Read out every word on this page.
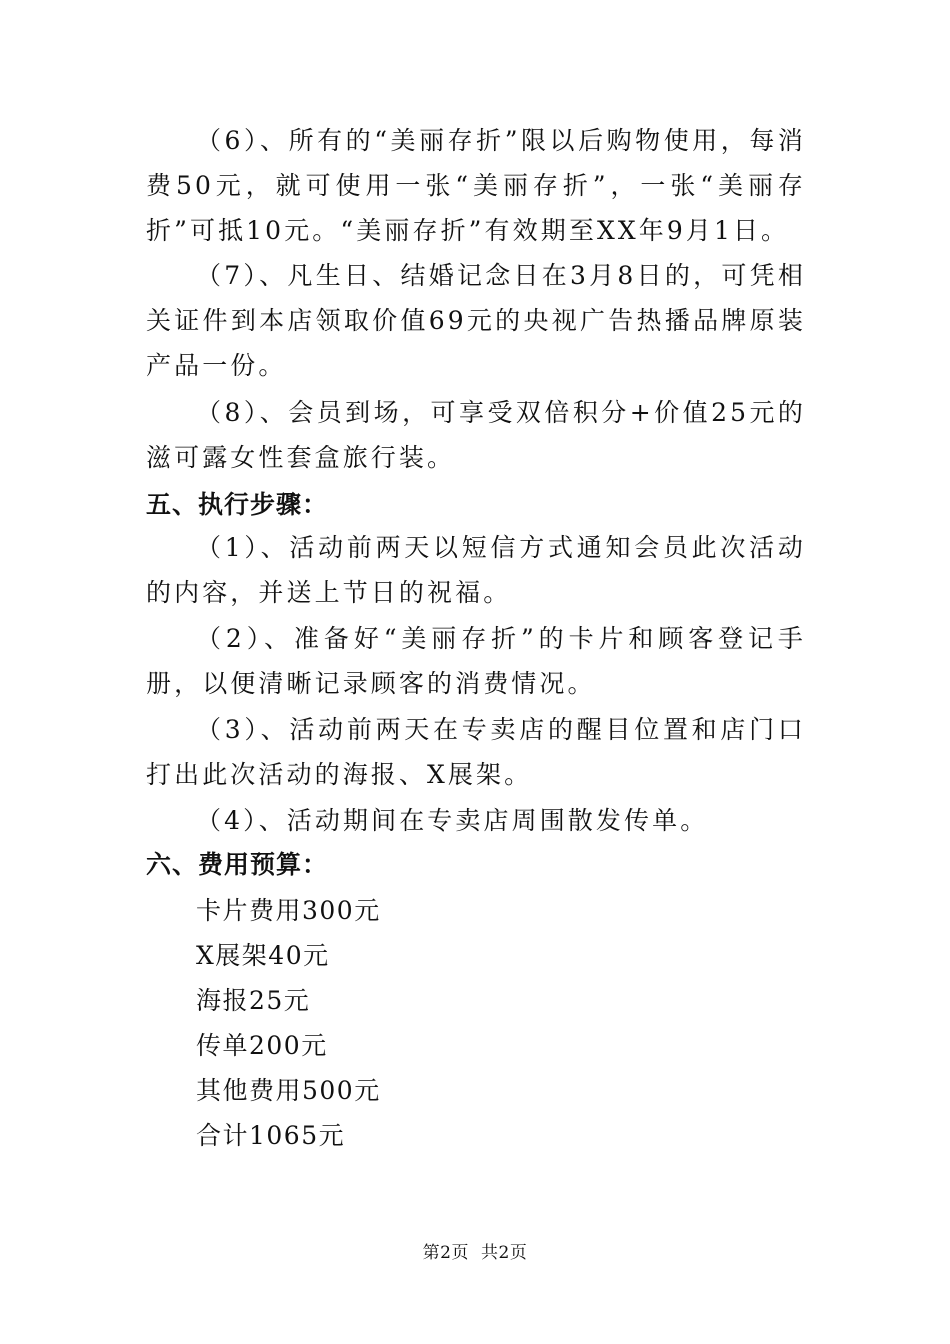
（6）、所有的“美丽存折”限以后购物使用，每消费50元，就可使用一张“美丽存折”，一张“美丽存折”可抵10元。“美丽存折”有效期至XX年9月1日。

（7）、凡生日、结婚记念日在3月8日的，可凭相关证件到本店领取价值69元的央视广告热播品牌原装产品一份。

（8）、会员到场，可享受双倍积分+价值25元的滋可露女性套盒旅行装。

五、执行步骤：

（1）、活动前两天以短信方式通知会员此次活动的内容，并送上节日的祝福。

（2）、准备好“美丽存折”的卡片和顾客登记手册，以便清晰记录顾客的消费情况。

（3）、活动前两天在专卖店的醒目位置和店门口打出此次活动的海报、X展架。

（4）、活动期间在专卖店周围散发传单。

六、费用预算：
卡片费用300元
X展架40元
海报25元
传单200元
其他费用500元
合计1065元
第2页 共2页
